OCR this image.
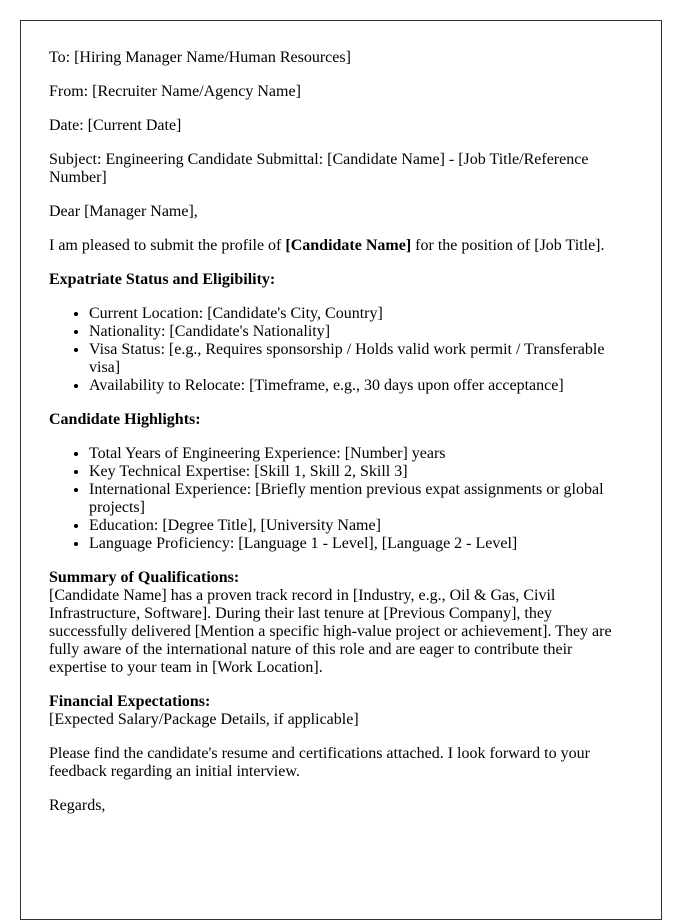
To: [Hiring Manager Name/Human Resources]

From: [Recruiter Name/Agency Name]

Date: [Current Date]

Subject: Engineering Candidate Submittal: [Candidate Name] - [Job Title/Reference Number]

Dear [Manager Name],

I am pleased to submit the profile of [Candidate Name] for the position of [Job Title].

Expatriate Status and Eligibility:
• Current Location: [Candidate's City, Country]
• Nationality: [Candidate's Nationality]
• Visa Status: [e.g., Requires sponsorship / Holds valid work permit / Transferable visa]
• Availability to Relocate: [Timeframe, e.g., 30 days upon offer acceptance]
Candidate Highlights:
• Total Years of Engineering Experience: [Number] years
• Key Technical Expertise: [Skill 1, Skill 2, Skill 3]
• International Experience: [Briefly mention previous expat assignments or global projects]
• Education: [Degree Title], [University Name]
• Language Proficiency: [Language 1 - Level], [Language 2 - Level]
Summary of Qualifications:

[Candidate Name] has a proven track record in [Industry, e.g., Oil & Gas, Civil Infrastructure, Software]. During their last tenure at [Previous Company], they successfully delivered [Mention a specific high-value project or achievement]. They are fully aware of the international nature of this role and are eager to contribute their expertise to your team in [Work Location].

Financial Expectations:

[Expected Salary/Package Details, if applicable]

Please find the candidate's resume and certifications attached. I look forward to your feedback regarding an initial interview.

Regards,
